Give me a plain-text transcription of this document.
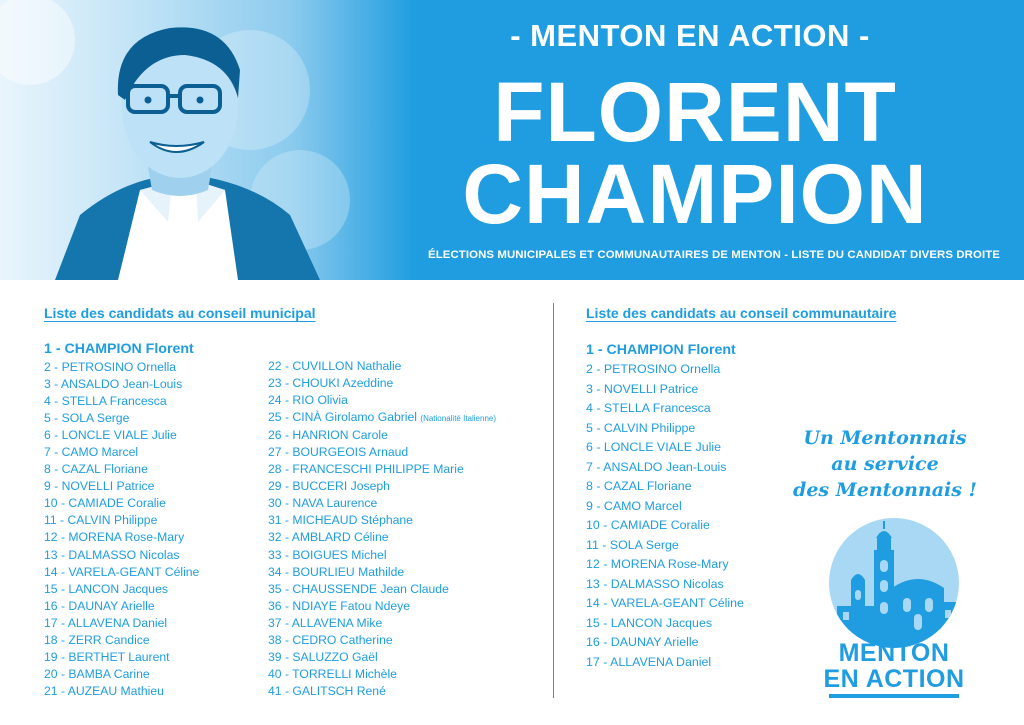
- MENTON EN ACTION -
FLORENT
CHAMPION
ÉLECTIONS MUNICIPALES ET COMMUNAUTAIRES DE MENTON - LISTE DU CANDIDAT DIVERS DROITE
Liste des candidats au conseil municipal
1 - CHAMPION Florent
2 - PETROSINO Ornella
3 - ANSALDO Jean-Louis
4 - STELLA Francesca
5 - SOLA Serge
6 - LONCLE VIALE Julie
7 - CAMO Marcel
8 - CAZAL Floriane
9 - NOVELLI Patrice
10 - CAMIADE Coralie
11 - CALVIN Philippe
12 - MORENA Rose-Mary
13 - DALMASSO Nicolas
14 - VARELA-GEANT Céline
15 - LANCON Jacques
16 - DAUNAY Arielle
17 - ALLAVENA Daniel
18 - ZERR Candice
19 - BERTHET Laurent
20 - BAMBA Carine
21 - AUZEAU Mathieu
22 - CUVILLON Nathalie
23 - CHOUKI Azeddine
24 - RIO Olivia
25 - CINÀ Girolamo Gabriel (Nationalité Italienne)
26 - HANRION Carole
27 - BOURGEOIS Arnaud
28 - FRANCESCHI PHILIPPE Marie
29 - BUCCERI Joseph
30 - NAVA Laurence
31 - MICHEAUD Stéphane
32 - AMBLARD Céline
33 - BOIGUES Michel
34 - BOURLIEU Mathilde
35 - CHAUSSENDE Jean Claude
36 - NDIAYE Fatou Ndeye
37 - ALLAVENA Mike
38 - CEDRO Catherine
39 - SALUZZO Gaël
40 - TORRELLI Michèle
41 - GALITSCH René
Liste des candidats au conseil communautaire
1 - CHAMPION Florent
2 - PETROSINO Ornella
3 - NOVELLI Patrice
4 - STELLA Francesca
5 - CALVIN Philippe
6 - LONCLE VIALE Julie
7 - ANSALDO Jean-Louis
8 - CAZAL Floriane
9 - CAMO Marcel
10 - CAMIADE Coralie
11 - SOLA Serge
12 - MORENA Rose-Mary
13 - DALMASSO Nicolas
14 - VARELA-GEANT Céline
15 - LANCON Jacques
16 - DAUNAY Arielle
17 - ALLAVENA Daniel
Un Mentonnais
au service
des Mentonnais !
MENTON
EN ACTION
